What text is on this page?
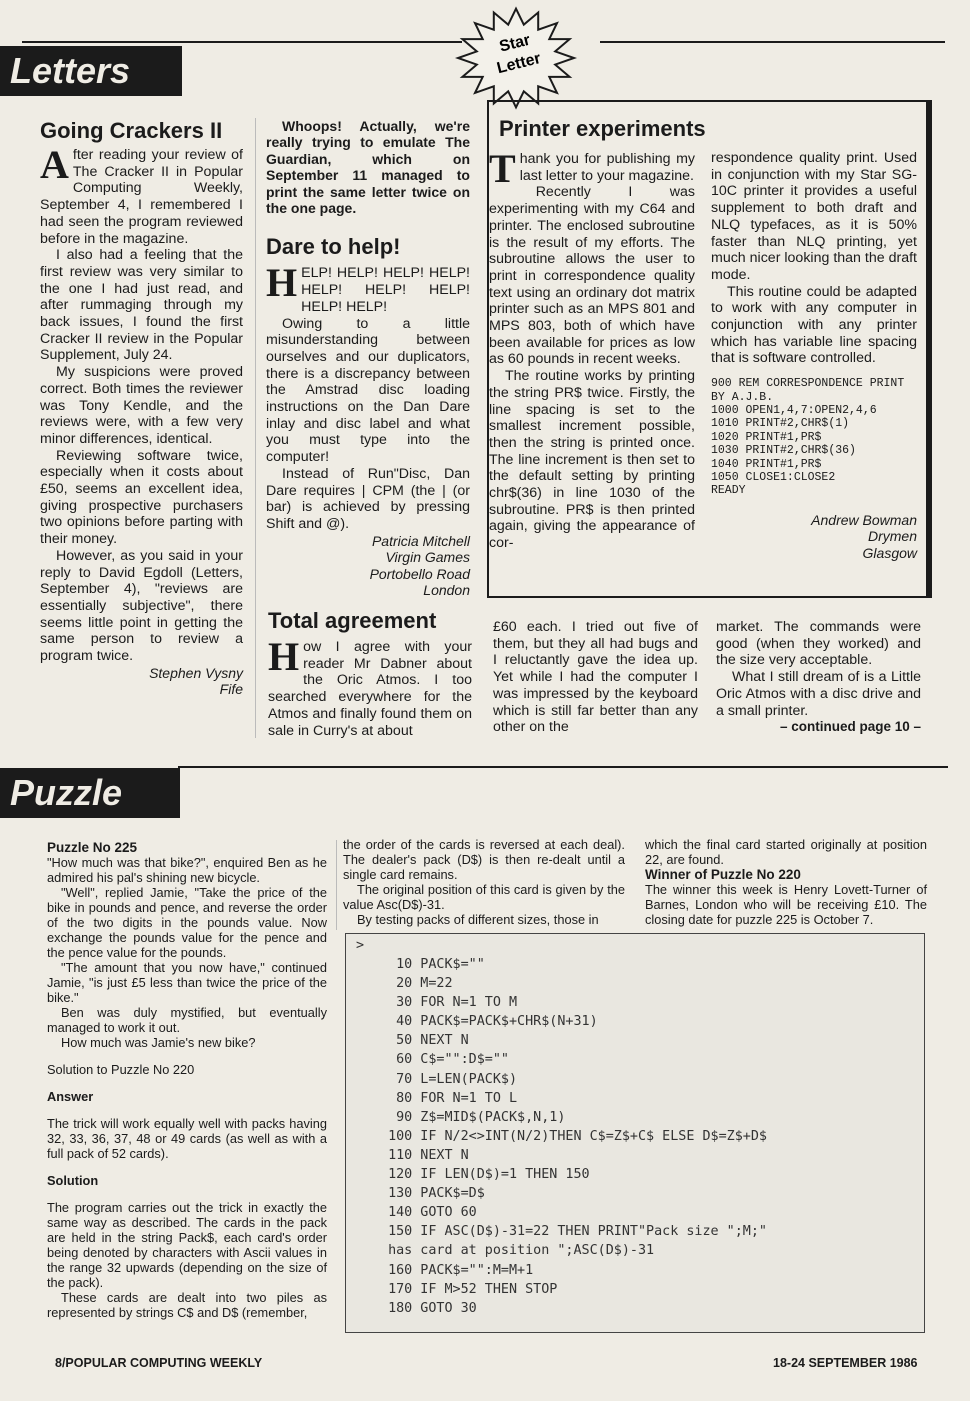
Letters
Star
Letter
Going Crackers II

After reading your review of The Cracker II in Popular Computing Weekly, September 4, I remembered I had seen the program reviewed before in the magazine.

I also had a feeling that the first review was very similar to the one I had just read, and after rummaging through my back issues, I found the first Cracker II review in the Popular Supplement, July 24.

My suspicions were proved correct. Both times the reviewer was Tony Kendle, and the reviews were, with a few very minor differences, identical.

Reviewing software twice, especially when it costs about £50, seems an excellent idea, giving prospective purchasers two opinions before parting with their money.

However, as you said in your reply to David Egdoll (Letters, September 4), "reviews are essentially subjective", there seems little point in getting the same person to review a program twice.

Stephen Vysny
Fife

Whoops! Actually, we're really trying to emulate The Guardian, which on September 11 managed to print the same letter twice on the one page.

Dare to help!

HELP! HELP! HELP! HELP! HELP! HELP! HELP! HELP! HELP!

Owing to a little misunderstanding between ourselves and our duplicators, there is a discrepancy between the Amstrad disc loading instructions on the Dan Dare inlay and disc label and what you must type into the computer!

Instead of Run"Disc, Dan Dare requires | CPM (the | (or bar) is achieved by pressing Shift and @).

Patricia Mitchell
Virgin Games
Portobello Road
London
Total agreement

How I agree with your reader Mr Dabner about the Oric Atmos. I too searched everywhere for the Atmos and finally found them on sale in Curry's at about

£60 each. I tried out five of them, but they all had bugs and I reluctantly gave the idea up. Yet while I had the computer I was impressed by the keyboard which is still far better than any other on the

market. The commands were good (when they worked) and the size very acceptable.

What I still dream of is a Little Oric Atmos with a disc drive and a small printer.

– continued page 10 –
Printer experiments

Thank you for publishing my last letter to your magazine.

Recently I was experimenting with my C64 and printer. The enclosed subroutine is the result of my efforts. The subroutine allows the user to print in correspondence quality text using an ordinary dot matrix printer such as an MPS 801 and MPS 803, both of which have been available for prices as low as 60 pounds in recent weeks.

The routine works by printing the string PR$ twice. Firstly, the line spacing is set to the smallest increment possible, then the string is printed once. The line increment is then set to the default setting by printing chr$(36) in line 1030 of the subroutine. PR$ is then printed again, giving the appearance of cor-

respondence quality print. Used in conjunction with my Star SG-10C printer it provides a useful supplement to both draft and NLQ typefaces, as it is 50% faster than NLQ printing, yet much nicer looking than the draft mode.

This routine could be adapted to work with any computer in conjunction with any printer which has variable line spacing that is software controlled.

900 REM CORRESPONDENCE PRINT
BY A.J.B.
1000 OPEN1,4,7:OPEN2,4,6
1010 PRINT#2,CHR$(1)
1020 PRINT#1,PR$
1030 PRINT#2,CHR$(36)
1040 PRINT#1,PR$
1050 CLOSE1:CLOSE2
READY
Andrew Bowman
Drymen
Glasgow
Puzzle

Puzzle No 225

"How much was that bike?", enquired Ben as he admired his pal's shining new bicycle.

"Well", replied Jamie, "Take the price of the bike in pounds and pence, and reverse the order of the two digits in the pounds value. Now exchange the pounds value for the pence and the pence value for the pounds.

"The amount that you now have," continued Jamie, "is just £5 less than twice the price of the bike."

Ben was duly mystified, but eventually managed to work it out.

How much was Jamie's new bike?

Solution to Puzzle No 220

Answer

The trick will work equally well with packs having 32, 33, 36, 37, 48 or 49 cards (as well as with a full pack of 52 cards).

Solution

The program carries out the trick in exactly the same way as described. The cards in the pack are held in the string Pack$, each card's order being denoted by characters with Ascii values in the range 32 upwards (depending on the size of the pack).

These cards are dealt into two piles as represented by strings C$ and D$ (remember,

the order of the cards is reversed at each deal). The dealer's pack (D$) is then re-dealt until a single card remains.

The original position of this card is given by the value Asc(D$)-31.

By testing packs of different sizes, those in

which the final card started originally at position 22, are found.

Winner of Puzzle No 220

The winner this week is Henry Lovett-Turner of Barnes, London who will be receiving £10. The closing date for puzzle 225 is October 7.

>
10 PACK$=""
20 M=22
30 FOR N=1 TO M
40 PACK$=PACK$+CHR$(N+31)
50 NEXT N
60 C$="":D$=""
70 L=LEN(PACK$)
80 FOR N=1 TO L
90 Z$=MID$(PACK$,N,1)
100 IF N/2<>INT(N/2)THEN C$=Z$+C$ ELSE D$=Z$+D$
110 NEXT N
120 IF LEN(D$)=1 THEN 150
130 PACK$=D$
140 GOTO 60
150 IF ASC(D$)-31=22 THEN PRINT"Pack size ";M;"
has card at position ";ASC(D$)-31
160 PACK$="":M=M+1
170 IF M>52 THEN STOP
180 GOTO 30
8/POPULAR COMPUTING WEEKLY	18-24 SEPTEMBER 1986
